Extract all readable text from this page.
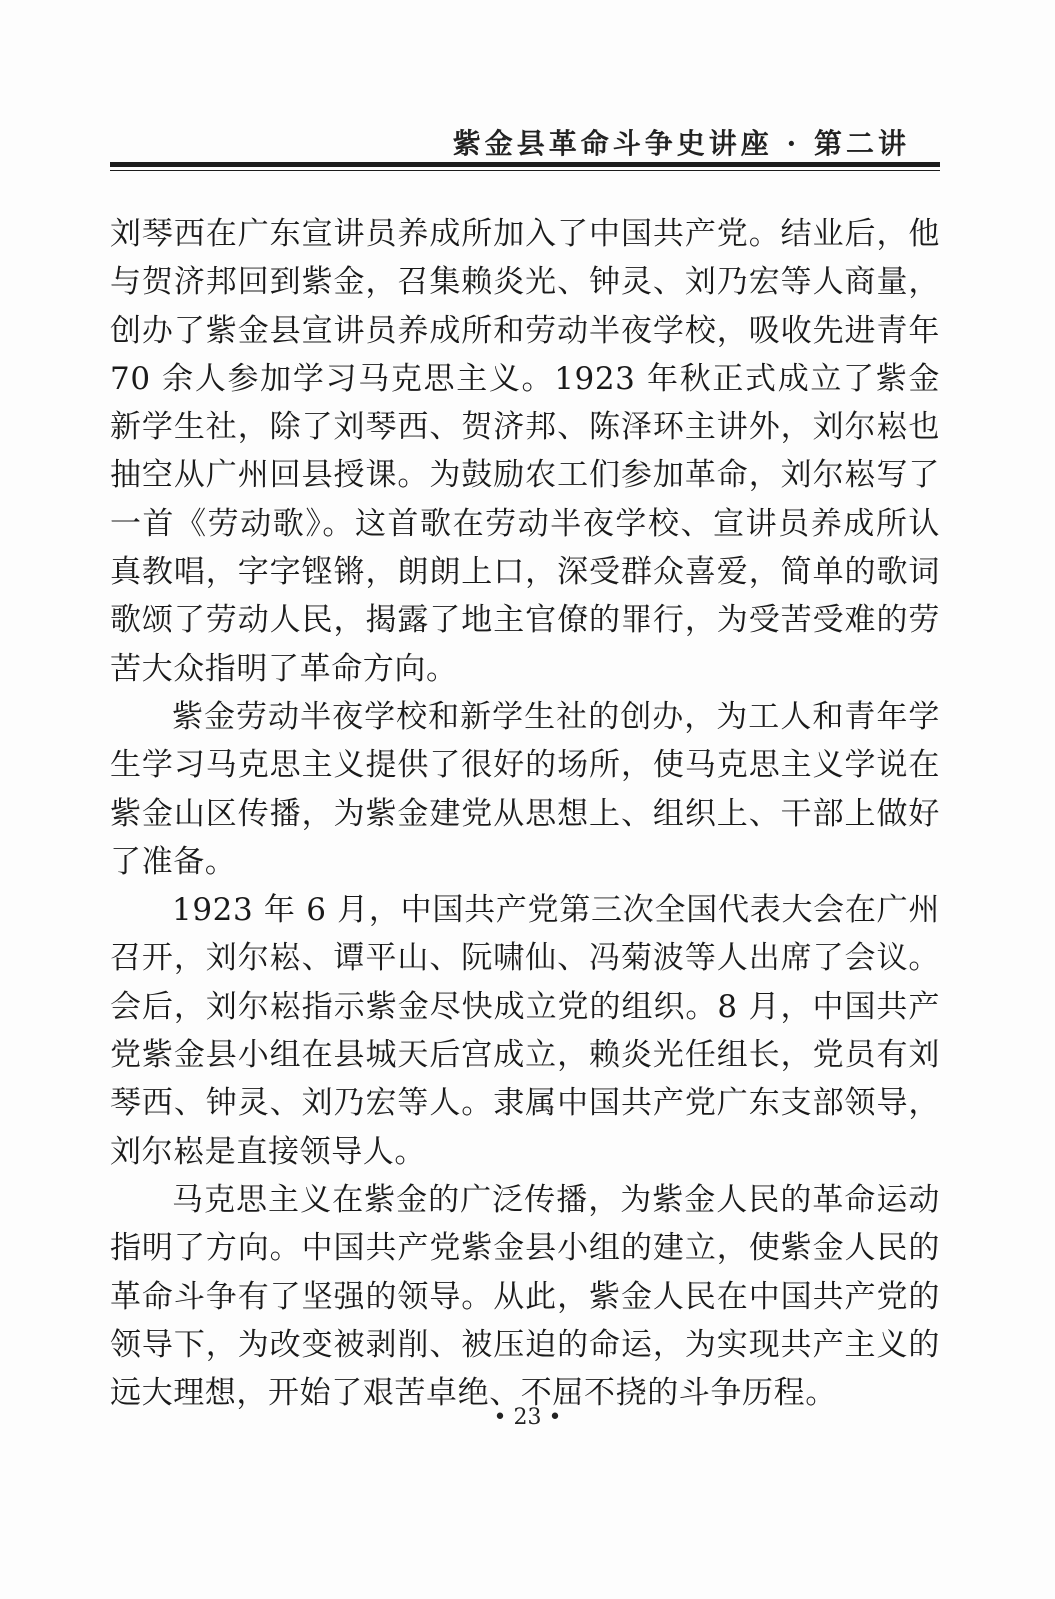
紫金县革命斗争史讲座 · 第二讲

刘琴西在广东宣讲员养成所加入了中国共产党。结业后，他与贺济邦回到紫金，召集赖炎光、钟灵、刘乃宏等人商量，创办了紫金县宣讲员养成所和劳动半夜学校，吸收先进青年 70 余人参加学习马克思主义。1923 年秋正式成立了紫金新学生社，除了刘琴西、贺济邦、陈泽环主讲外，刘尔崧也抽空从广州回县授课。为鼓励农工们参加革命，刘尔崧写了一首《劳动歌》。这首歌在劳动半夜学校、宣讲员养成所认真教唱，字字铿锵，朗朗上口，深受群众喜爱，简单的歌词歌颂了劳动人民，揭露了地主官僚的罪行，为受苦受难的劳苦大众指明了革命方向。

紫金劳动半夜学校和新学生社的创办，为工人和青年学生学习马克思主义提供了很好的场所，使马克思主义学说在紫金山区传播，为紫金建党从思想上、组织上、干部上做好了准备。

1923 年 6 月，中国共产党第三次全国代表大会在广州召开，刘尔崧、谭平山、阮啸仙、冯菊波等人出席了会议。会后，刘尔崧指示紫金尽快成立党的组织。8 月，中国共产党紫金县小组在县城天后宫成立，赖炎光任组长，党员有刘琴西、钟灵、刘乃宏等人。隶属中国共产党广东支部领导，刘尔崧是直接领导人。

马克思主义在紫金的广泛传播，为紫金人民的革命运动指明了方向。中国共产党紫金县小组的建立，使紫金人民的革命斗争有了坚强的领导。从此，紫金人民在中国共产党的领导下，为改变被剥削、被压迫的命运，为实现共产主义的远大理想，开始了艰苦卓绝、不屈不挠的斗争历程。

• 23 •
